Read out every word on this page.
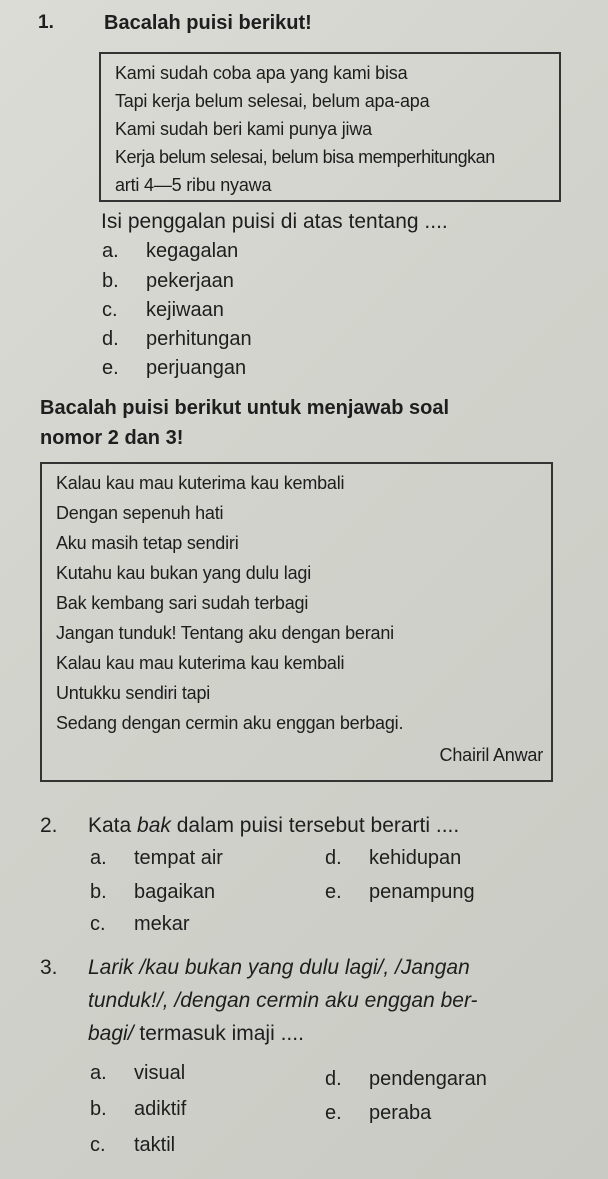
1.	Bacalah puisi berikut!
Kami sudah coba apa yang kami bisa
Tapi kerja belum selesai, belum apa-apa
Kami sudah beri kami punya jiwa
Kerja belum selesai, belum bisa memperhitungkan
arti 4—5 ribu nyawa
Isi penggalan puisi di atas tentang ....
a. kegagalan
b. pekerjaan
c. kejiwaan
d. perhitungan
e. perjuangan
Bacalah puisi berikut untuk menjawab soal
nomor 2 dan 3!
Kalau kau mau kuterima kau kembali
Dengan sepenuh hati
Aku masih tetap sendiri
Kutahu kau bukan yang dulu lagi
Bak kembang sari sudah terbagi
Jangan tunduk! Tentang aku dengan berani
Kalau kau mau kuterima kau kembali
Untukku sendiri tapi
Sedang dengan cermin aku enggan berbagi.
Chairil Anwar
2. Kata bak dalam puisi tersebut berarti ....
a. tempat air
b. bagaikan
c. mekar
d. kehidupan
e. penampung
3. Larik /kau bukan yang dulu lagi/, /Jangan
tunduk!/, /dengan cermin aku enggan ber-
bagi/ termasuk imaji ....
a. visual
b. adiktif
c. taktil
d. pendengaran
e. peraba
